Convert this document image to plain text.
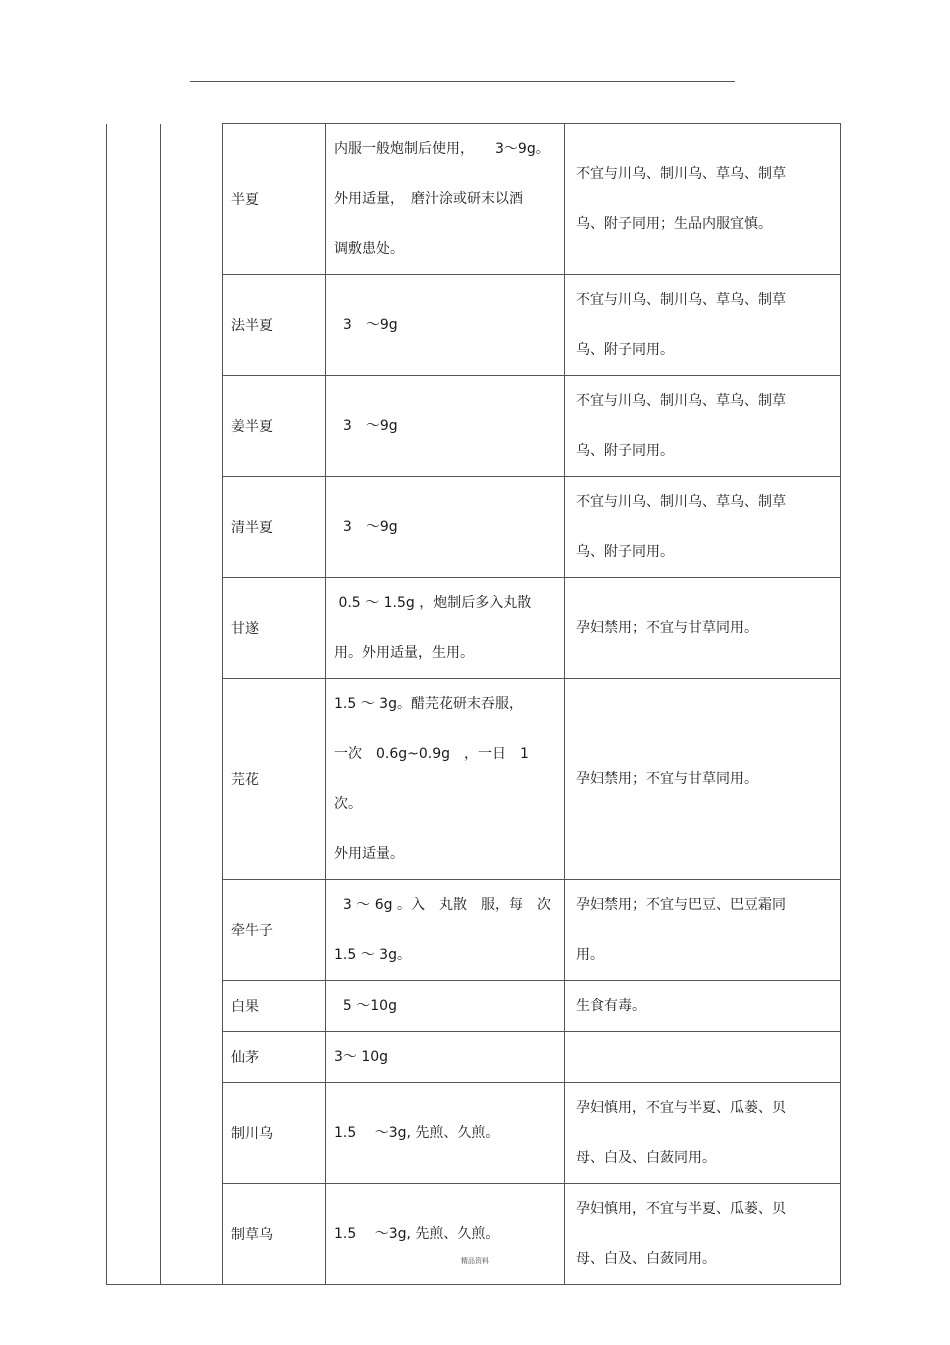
		半夏	内服一般炮制后使用，　　3～9g。
外用适量，　磨汁涂或研末以酒
调敷患处。	不宜与川乌、制川乌、草乌、制草
乌、附子同用；生品内服宜慎。

		法半夏	3　～9g	不宜与川乌、制川乌、草乌、制草
乌、附子同用。

		姜半夏	3　～9g	不宜与川乌、制川乌、草乌、制草
乌、附子同用。

		清半夏	3　～9g	不宜与川乌、制川乌、草乌、制草
乌、附子同用。

		甘遂	0.5 ～ 1.5g ，炮制后多入丸散
用。外用适量，生用。	孕妇禁用；不宜与甘草同用。

		芫花	1.5 ～ 3g。醋芫花研末吞服，
一次　0.6g~0.9g　，一日　1 次。
外用适量。	孕妇禁用；不宜与甘草同用。

		牵牛子	3 ～ 6g 。入　丸散　服，每　次
1.5 ～ 3g。	孕妇禁用；不宜与巴豆、巴豆霜同
用。

		白果	5 ～10g	生食有毒。

		仙茅	3～ 10g	

		制川乌	1.5　 ～3g, 先煎、久煎。	孕妇慎用，不宜与半夏、瓜蒌、贝
母、白及、白蔹同用。

		制草乌	1.5　 ～3g, 先煎、久煎。	孕妇慎用，不宜与半夏、瓜蒌、贝
母、白及、白蔹同用。
精品资料
